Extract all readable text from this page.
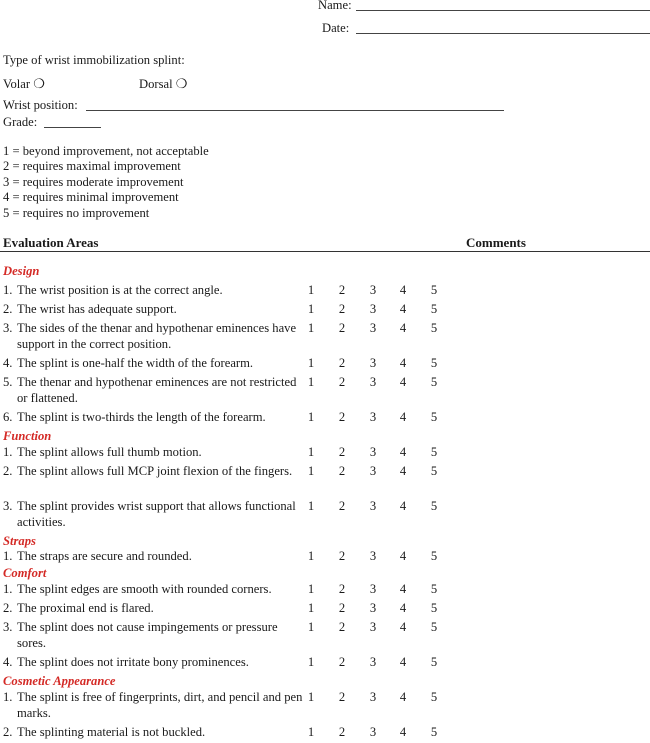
Name:
Date:
Type of wrist immobilization splint:
Volar ❍	Dorsal ❍
Wrist position:
Grade:
1 = beyond improvement, not acceptable
2 = requires maximal improvement
3 = requires moderate improvement
4 = requires minimal improvement
5 = requires no improvement
Evaluation Areas	Comments
Design
1. The wrist position is at the correct angle.	1 2 3 4 5
2. The wrist has adequate support.	1 2 3 4 5
3. The sides of the thenar and hypothenar eminences have support in the correct position.
1 2 3 4 5
4. The splint is one-half the width of the forearm.	1 2 3 4 5
5. The thenar and hypothenar eminences are not restricted or flattened.
1 2 3 4 5
6. The splint is two-thirds the length of the forearm.	1 2 3 4 5
Function
1. The splint allows full thumb motion.	1 2 3 4 5
2. The splint allows full MCP joint flexion of the fingers.	1 2 3 4 5
3. The splint provides wrist support that allows functional activities.
1 2 3 4 5
Straps
1. The straps are secure and rounded.	1 2 3 4 5
Comfort
1. The splint edges are smooth with rounded corners.	1 2 3 4 5
2. The proximal end is flared.	1 2 3 4 5
3. The splint does not cause impingements or pressure sores.
1 2 3 4 5
4. The splint does not irritate bony prominences.	1 2 3 4 5
Cosmetic Appearance
1. The splint is free of fingerprints, dirt, and pencil and pen marks.
1 2 3 4 5
2. The splinting material is not buckled.	1 2 3 4 5
